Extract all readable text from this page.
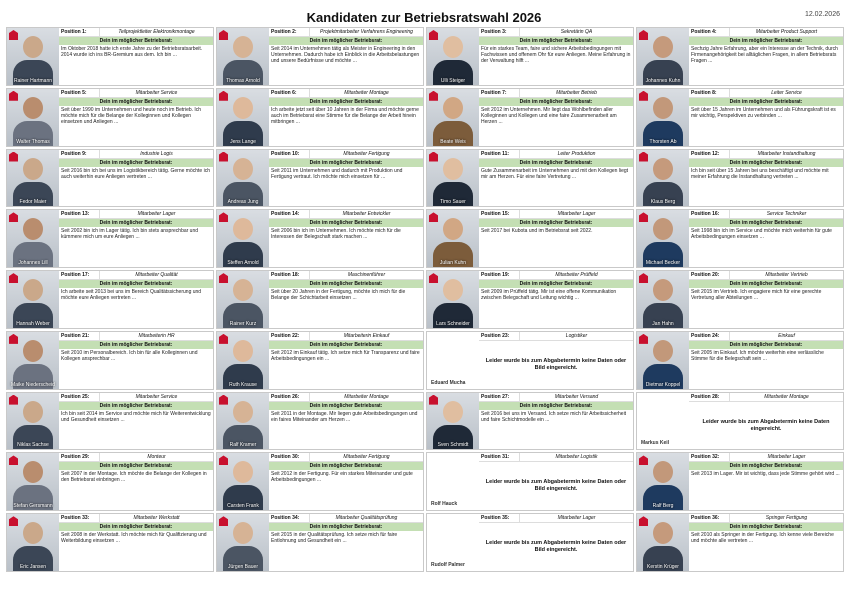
Kandidaten zur Betriebsratswahl 2026	12.02.2026
Rainer Hartmann
Position 1:	Teilprojektleiter Elektronikmontage
Dein im möglicher Betriebsrat:
Im Oktober 2018 hatte ich erste Jahre zu der Betriebsratsarbeit. 2014 wurde ich ins BR-Gremium aus dem. Ich bin ...
Thomas Arnold
Position 2:	Projektmitarbeiter Verfahrens Engineering
Dein im möglicher Betriebsrat:
Seit 2014 im Unternehmen tätig als Meister in Engineering in den Unternehmen. Dadurch habe ich Einblick in die Arbeitsbelastungen und unsere Bedürfnisse und möchte ...
Ulli Steiger
Position 3:	Sekretärin QA
Dein im möglicher Betriebsrat:
Für ein starkes Team, faire und sichere Arbeitsbedingungen mit Fachwissen und offenem Ohr für eure Anliegen. Meine Erfahrung in der Verwaltung hilft ...
Johannes Kuhn
Position 4:	Mitarbeiter Product Support
Dein im möglicher Betriebsrat:
Sechzig Jahre Erfahrung, aber ein Interesse an der Technik, durch Firmenangehörigkeit bei alltäglichen Fragen, in allem Betriebsrats Fragen ...
Walter Thomas
Position 5:	Mitarbeiter Service
Dein im möglicher Betriebsrat:
Seit über 1990 im Unternehmen und heute noch im Betrieb. Ich möchte mich für die Belange der Kolleginnen und Kollegen einsetzen und Anliegen ...
Jens Lange
Position 6:	Mitarbeiter Montage
Dein im möglicher Betriebsrat:
Ich arbeite jetzt seit über 10 Jahren in der Firma und möchte gerne auch im Betriebsrat eine Stimme für die Belange der Arbeit hinein mitbringen ...
Beate Weis
Position 7:	Mitarbeiter Betrieb
Dein im möglicher Betriebsrat:
Seit 2012 im Unternehmen. Mir liegt das Wohlbefinden aller Kolleginnen und Kollegen und eine faire Zusammenarbeit am Herzen ...
Thorsten Ab
Position 8:	Leiter Service
Dein im möglicher Betriebsrat:
Seit über 15 Jahren im Unternehmen und als Führungskraft ist es mir wichtig, Perspektiven zu verbinden ...
Fedor Maier
Position 9:	Industrie Logis
Dein im möglicher Betriebsrat:
Seit 2016 bin ich bei uns im Logistikbereich tätig. Gerne möchte ich auch weiterhin eure Anliegen vertreten ...
Andreas Jung
Position 10:	Mitarbeiter Fertigung
Dein im möglicher Betriebsrat:
Seit 2011 im Unternehmen und dadurch mit Produktion und Fertigung vertraut. Ich möchte mich einsetzen für ...
Timo Sauer
Position 11:	Leiter Produktion
Dein im möglicher Betriebsrat:
Gute Zusammenarbeit im Unternehmen und mit den Kollegen liegt mir am Herzen. Für eine faire Vertretung ...
Klaus Berg
Position 12:	Mitarbeiter Instandhaltung
Dein im möglicher Betriebsrat:
Ich bin seit über 15 Jahren bei uns beschäftigt und möchte mit meiner Erfahrung die Instandhaltung vertreten ...
Johannes Lill
Position 13:	Mitarbeiter Lager
Dein im möglicher Betriebsrat:
Seit 2002 bin ich im Lager tätig. Ich bin stets ansprechbar und kümmere mich um eure Anliegen ...
Steffen Arnold
Position 14:	Mitarbeiter Entwickler
Dein im möglicher Betriebsrat:
Seit 2006 bin ich im Unternehmen. Ich möchte mich für die Interessen der Belegschaft stark machen ...
Julian Kuhn
Position 15:	Mitarbeiter Lager
Dein im möglicher Betriebsrat:
Seit 2017 bei Kubota und im Betriebsrat seit 2022.
Michael Becker
Position 16:	Service Techniker
Dein im möglicher Betriebsrat:
Seit 1998 bin ich im Service und möchte mich weiterhin für gute Arbeitsbedingungen einsetzen ...
Hannah Weber
Position 17:	Mitarbeiter Qualität
Dein im möglicher Betriebsrat:
Ich arbeite seit 2013 bei uns im Bereich Qualitätssicherung und möchte eure Anliegen vertreten ...
Rainer Kurz
Position 18:	Maschinenführer
Dein im möglicher Betriebsrat:
Seit über 20 Jahren in der Fertigung, möchte ich mich für die Belange der Schichtarbeit einsetzen ...
Lars Schneider
Position 19:	Mitarbeiter Prüffeld
Dein im möglicher Betriebsrat:
Seit 2009 im Prüffeld tätig. Mir ist eine offene Kommunikation zwischen Belegschaft und Leitung wichtig ...
Jan Hahn
Position 20:	Mitarbeiter Vertrieb
Dein im möglicher Betriebsrat:
Seit 2015 im Vertrieb. Ich engagiere mich für eine gerechte Vertretung aller Abteilungen ...
Maike Niederscheid
Position 21:	Mitarbeiterin HR
Dein im möglicher Betriebsrat:
Seit 2010 im Personalbereich. Ich bin für alle Kolleginnen und Kollegen ansprechbar ...
Ruth Krause
Position 22:	Mitarbeiterin Einkauf
Dein im möglicher Betriebsrat:
Seit 2012 im Einkauf tätig. Ich setze mich für Transparenz und faire Arbeitsbedingungen ein ...
Position 23:	Logistiker
Leider wurde bis zum Abgabetermin keine Daten oder Bild eingereicht.
Eduard Mucha	Dietmar Koppel
Position 24:	Einkauf
Dein im möglicher Betriebsrat:
Seit 2005 im Einkauf. Ich möchte weiterhin eine verlässliche Stimme für die Belegschaft sein ...
Niklas Sachse
Position 25:	Mitarbeiter Service
Dein im möglicher Betriebsrat:
Ich bin seit 2014 im Service und möchte mich für Weiterentwicklung und Gesundheit einsetzen ...
Ralf Kramer
Position 26:	Mitarbeiter Montage
Dein im möglicher Betriebsrat:
Seit 2011 in der Montage. Mir liegen gute Arbeitsbedingungen und ein faires Miteinander am Herzen ...
Sven Schmidt
Position 27:	Mitarbeiter Versand
Dein im möglicher Betriebsrat:
Seit 2016 bei uns im Versand. Ich setze mich für Arbeitssicherheit und faire Schichtmodelle ein ...
Position 28:	Mitarbeiter Montage
Leider wurde bis zum Abgabetermin keine Daten eingereicht.
Markus Keil
Stefan Gersmann
Position 29:	Monteur
Dein im möglicher Betriebsrat:
Seit 2007 in der Montage. Ich möchte die Belange der Kollegen in den Betriebsrat einbringen ...
Carsten Frank
Position 30:	Mitarbeiter Fertigung
Dein im möglicher Betriebsrat:
Seit 2012 in der Fertigung. Für ein starkes Miteinander und gute Arbeitsbedingungen ...
Position 31:	Mitarbeiter Logistik
Leider wurde bis zum Abgabetermin keine Daten oder Bild eingereicht.
Rolf Hauck	Ralf Berg
Position 32:	Mitarbeiter Lager
Dein im möglicher Betriebsrat:
Seit 2013 im Lager. Mir ist wichtig, dass jede Stimme gehört wird ...
Eric Jansen
Position 33:	Mitarbeiter Werkstatt
Dein im möglicher Betriebsrat:
Seit 2008 in der Werkstatt. Ich möchte mich für Qualifizierung und Weiterbildung einsetzen ...
Jürgen Bauer
Position 34:	Mitarbeiter Qualitätsprüfung
Dein im möglicher Betriebsrat:
Seit 2015 in der Qualitätsprüfung. Ich setze mich für faire Entlohnung und Gesundheit ein ...
Position 35:	Mitarbeiter Lager
Leider wurde bis zum Abgabetermin keine Daten oder Bild eingereicht.
Rudolf Palmer	Kerstin Krüger
Position 36:	Springer Fertigung
Dein im möglicher Betriebsrat:
Seit 2010 als Springer in der Fertigung. Ich kenne viele Bereiche und möchte alle vertreten ...
